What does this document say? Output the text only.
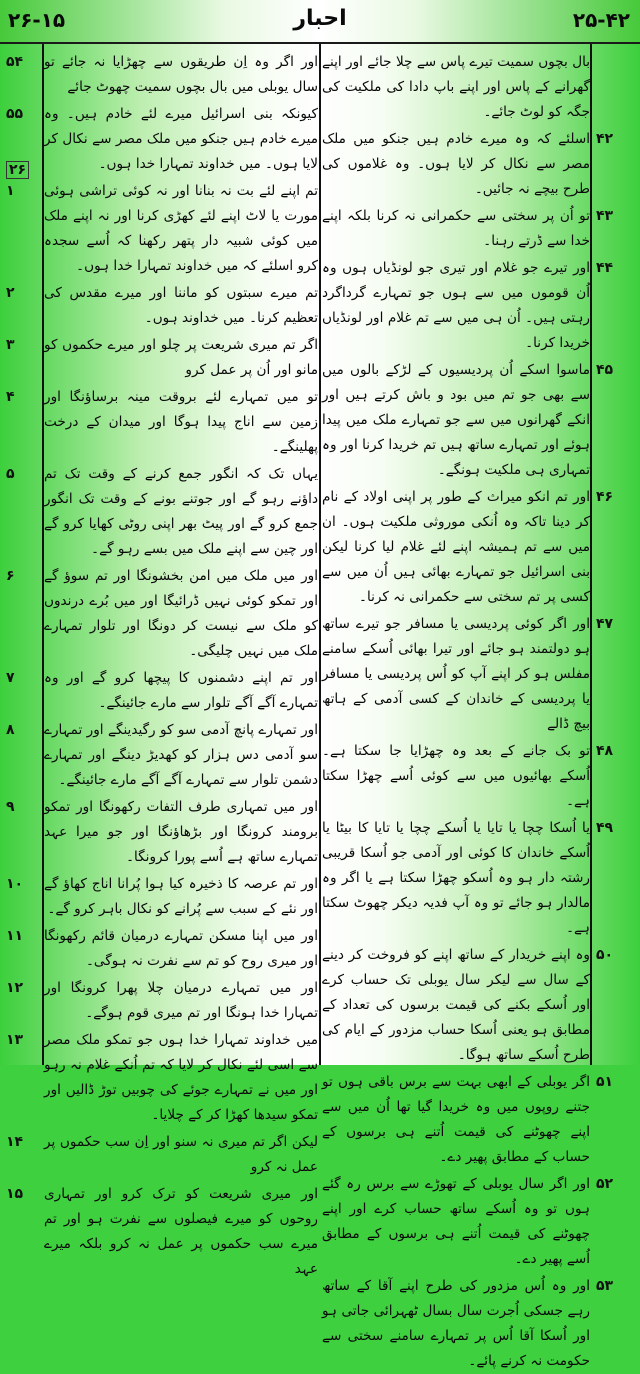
۲۶-۱۵	احبار	۲۵-۴۲
۴۲
۴۳
۴۴
۴۵
۴۶
۴۷
۴۸
۴۹
۵۰
۵۱
۵۲
۵۳
۵۴
۵۵
۱
۲۶
۲
۳
۴
۵
۶
۷
۸
۹
۱۰
۱۱
۱۲
۱۳
۱۴
۱۵

بال بچوں سمیت تیرے پاس سے چلا جائے اور اپنے گھرانے کے پاس اور اپنے باپ دادا کی ملکیت کی جگہ کو لوٹ جائے۔

اسلئے کہ وہ میرے خادم ہیں جنکو میں ملک مصر سے نکال کر لایا ہوں۔ وہ غلاموں کی طرح بیچے نہ جائیں۔

تو اُن پر سختی سے حکمرانی نہ کرنا بلکہ اپنے خدا سے ڈرتے رہنا۔

اور تیرے جو غلام اور تیری جو لونڈیاں ہوں وہ اُن قوموں میں سے ہوں جو تمہارے گرداگرد رہتی ہیں۔ اُن ہی میں سے تم غلام اور لونڈیاں خریدا کرنا۔

ماسوا اسکے اُن پردیسیوں کے لڑکے بالوں میں سے بھی جو تم میں بود و باش کرتے ہیں اور انکے گھرانوں میں سے جو تمہارے ملک میں پیدا ہوئے اور تمہارے ساتھ ہیں تم خریدا کرنا اور وہ تمہاری ہی ملکیت ہونگے۔

اور تم انکو میراث کے طور پر اپنی اولاد کے نام کر دینا تاکہ وہ اُنکی موروثی ملکیت ہوں۔ ان میں سے تم ہمیشہ اپنے لئے غلام لیا کرنا لیکن بنی اسرائیل جو تمہارے بھائی ہیں اُن میں سے کسی پر تم سختی سے حکمرانی نہ کرنا۔

اور اگر کوئی پردیسی یا مسافر جو تیرے ساتھ ہو دولتمند ہو جائے اور تیرا بھائی اُسکے سامنے مفلس ہو کر اپنے آپ کو اُس پردیسی یا مسافر یا پردیسی کے خاندان کے کسی آدمی کے ہاتھ بیچ ڈالے

تو بک جانے کے بعد وہ چھڑایا جا سکتا ہے۔ اُسکے بھائیوں میں سے کوئی اُسے چھڑا سکتا ہے۔

یا اُسکا چچا یا تایا یا اُسکے چچا یا تایا کا بیٹا یا اُسکے خاندان کا کوئی اور آدمی جو اُسکا قریبی رشتہ دار ہو وہ اُسکو چھڑا سکتا ہے یا اگر وہ مالدار ہو جائے تو وہ آپ فدیہ دیکر چھوٹ سکتا ہے۔

وہ اپنے خریدار کے ساتھ اپنے کو فروخت کر دینے کے سال سے لیکر سال یوبلی تک حساب کرے اور اُسکے بکنے کی قیمت برسوں کی تعداد کے مطابق ہو یعنی اُسکا حساب مزدور کے ایام کی طرح اُسکے ساتھ ہوگا۔

اگر یوبلی کے ابھی بہت سے برس باقی ہوں تو جتنے روپوں میں وہ خریدا گیا تھا اُن میں سے اپنے چھوٹنے کی قیمت اُتنے ہی برسوں کے حساب کے مطابق پھیر دے۔

اور اگر سال یوبلی کے تھوڑے سے برس رہ گئے ہوں تو وہ اُسکے ساتھ حساب کرے اور اپنے چھوٹنے کی قیمت اُتنے ہی برسوں کے مطابق اُسے پھیر دے۔

اور وہ اُس مزدور کی طرح اپنے آقا کے ساتھ رہے جسکی اُجرت سال بسال ٹھہرائی جاتی ہو اور اُسکا آقا اُس پر تمہارے سامنے سختی سے حکومت نہ کرنے پائے۔

اور اگر وہ اِن طریقوں سے چھڑایا نہ جائے تو سال یوبلی میں بال بچوں سمیت چھوٹ جائے

کیونکہ بنی اسرائیل میرے لئے خادم ہیں۔ وہ میرے خادم ہیں جنکو میں ملک مصر سے نکال کر لایا ہوں۔ میں خداوند تمہارا خدا ہوں۔

تم اپنے لئے بت نہ بنانا اور نہ کوئی تراشی ہوئی مورت یا لاٹ اپنے لئے کھڑی کرنا اور نہ اپنے ملک میں کوئی شبیہ دار پتھر رکھنا کہ اُسے سجدہ کرو اسلئے کہ میں خداوند تمہارا خدا ہوں۔

تم میرے سبتوں کو ماننا اور میرے مقدس کی تعظیم کرنا۔ میں خداوند ہوں۔

اگر تم میری شریعت پر چلو اور میرے حکموں کو مانو اور اُن پر عمل کرو

تو میں تمہارے لئے بروقت مینہ برساؤنگا اور زمین سے اناج پیدا ہوگا اور میدان کے درخت پھلینگے۔

یہاں تک کہ انگور جمع کرنے کے وقت تک تم داؤنے رہو گے اور جوتنے بونے کے وقت تک انگور جمع کرو گے اور پیٹ بھر اپنی روٹی کھایا کرو گے اور چین سے اپنے ملک میں بسے رہو گے۔

اور میں ملک میں امن بخشونگا اور تم سوؤ گے اور تمکو کوئی نہیں ڈرائیگا اور میں بُرے درندوں کو ملک سے نیست کر دونگا اور تلوار تمہارے ملک میں نہیں چلیگی۔

اور تم اپنے دشمنوں کا پیچھا کرو گے اور وہ تمہارے آگے آگے تلوار سے مارے جائینگے۔

اور تمہارے پانچ آدمی سو کو رگیدینگے اور تمہارے سو آدمی دس ہزار کو کھدیڑ دینگے اور تمہارے دشمن تلوار سے تمہارے آگے آگے مارے جائینگے۔

اور میں تمہاری طرف التفات رکھونگا اور تمکو برومند کرونگا اور بڑھاؤنگا اور جو میرا عہد تمہارے ساتھ ہے اُسے پورا کرونگا۔

اور تم عرصہ کا ذخیرہ کیا ہوا پُرانا اناج کھاؤ گے اور نئے کے سبب سے پُرانے کو نکال باہر کرو گے۔

اور میں اپنا مسکن تمہارے درمیان قائم رکھونگا اور میری روح کو تم سے نفرت نہ ہوگی۔

اور میں تمہارے درمیان چلا پھرا کرونگا اور تمہارا خدا ہونگا اور تم میری قوم ہوگے۔

میں خداوند تمہارا خدا ہوں جو تمکو ملک مصر سے اسی لئے نکال کر لایا کہ تم اُنکے غلام نہ رہو اور میں نے تمہارے جوئے کی چوبیں توڑ ڈالیں اور تمکو سیدھا کھڑا کر کے چلایا۔

لیکن اگر تم میری نہ سنو اور اِن سب حکموں پر عمل نہ کرو

اور میری شریعت کو ترک کرو اور تمہاری روحوں کو میرے فیصلوں سے نفرت ہو اور تم میرے سب حکموں پر عمل نہ کرو بلکہ میرے عہد
